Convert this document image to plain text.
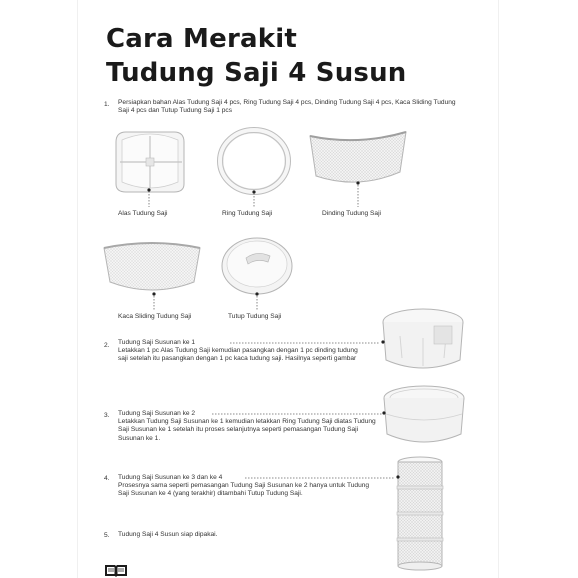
Cara Merakit
Tudung Saji 4 Susun
1. Persiapkan bahan Alas Tudung Saji 4 pcs, Ring Tudung Saji 4 pcs, Dinding Tudung Saji 4 pcs, Kaca Sliding Tudung Saji 4 pcs dan Tutup Tudung Saji 1 pcs
Alas Tudung Saji	Ring Tudung Saji	Dinding Tudung Saji
Kaca Sliding Tudung Saji	Tutup Tudung Saji
2. Tudung Saji Susunan ke 1
Letakkan 1 pc Alas Tudung Saji kemudian pasangkan dengan 1 pc dinding tudung saji setelah itu pasangkan dengan 1 pc kaca tudung saji. Hasilnya seperti gambar
3. Tudung Saji Susunan ke 2
Letakkan Tudung Saji Susunan ke 1 kemudian letakkan Ring Tudung Saji diatas Tudung Saji Susunan ke 1 setelah itu proses selanjutnya seperti pemasangan Tudung Saji Susunan ke 1.
4. Tudung Saji Susunan ke 3 dan ke 4
Prosesnya sama seperti pemasangan Tudung Saji Susunan ke 2 hanya untuk Tudung Saji Susunan ke 4 (yang terakhir) ditambahi Tutup Tudung Saji.
5. Tudung Saji 4 Susun siap dipakai.
